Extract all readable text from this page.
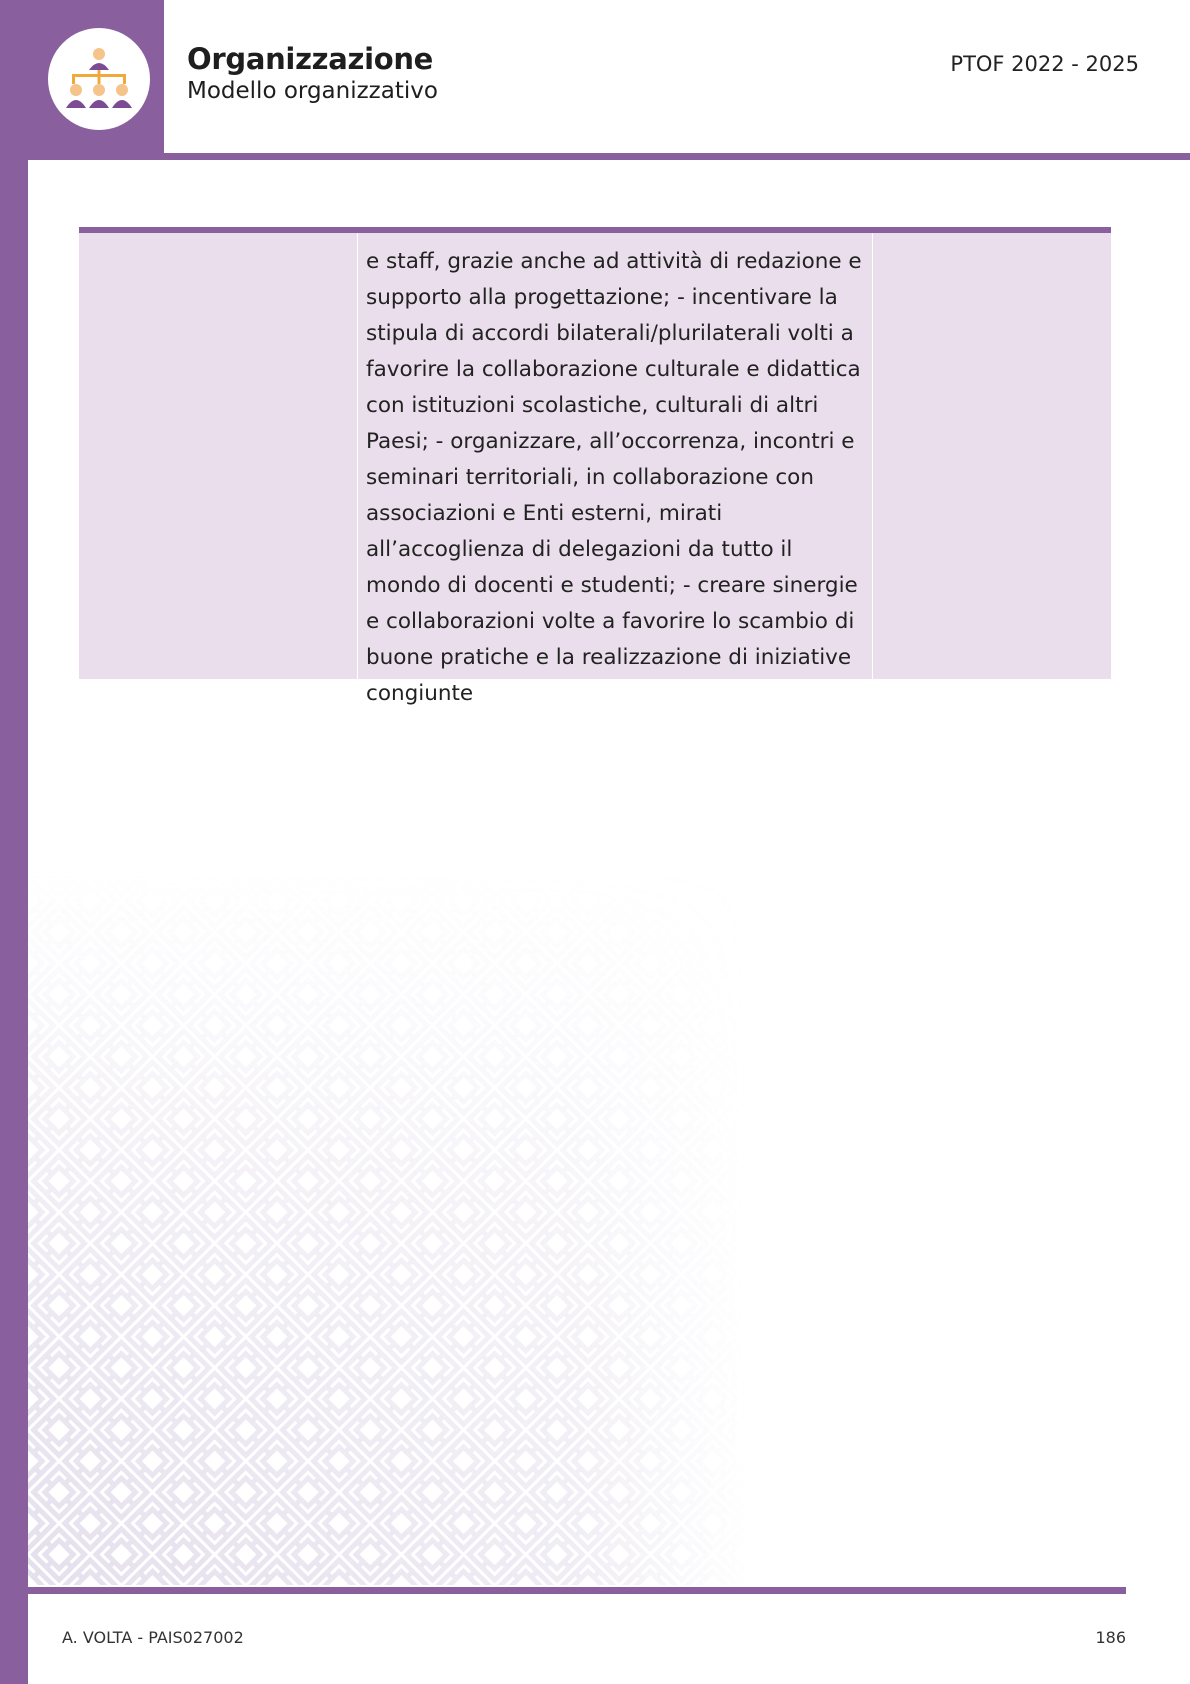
Organizzazione
Modello organizzativo
PTOF 2022 - 2025
e staff, grazie anche ad attività di redazione e supporto alla progettazione; - incentivare la stipula di accordi bilaterali/plurilaterali volti a favorire la collaborazione culturale e didattica con istituzioni scolastiche, culturali di altri Paesi; - organizzare, all’occorrenza, incontri e seminari territoriali, in collaborazione con associazioni e Enti esterni, mirati all’accoglienza di delegazioni da tutto il mondo di docenti e studenti; - creare sinergie e collaborazioni volte a favorire lo scambio di buone pratiche e la realizzazione di iniziative congiunte
A. VOLTA - PAIS027002	186
